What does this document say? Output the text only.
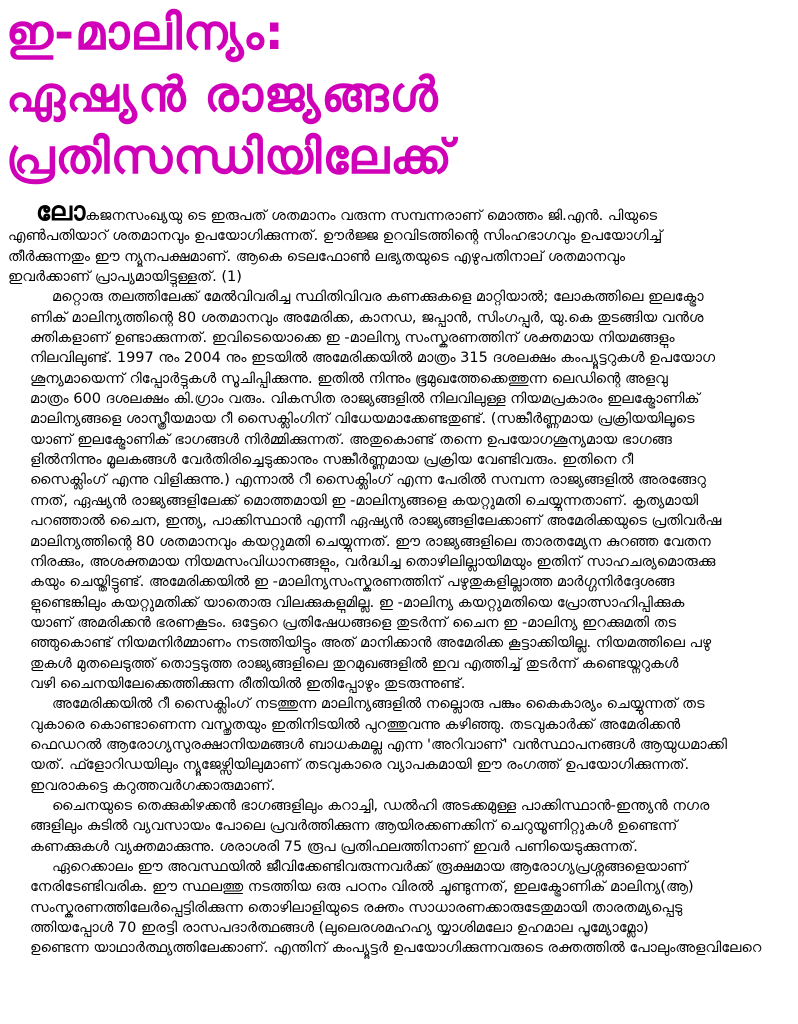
ഇ-മാലിന്യം:
ഏഷ്യൻ രാജ്യങ്ങൾ
പ്രതിസന്ധിയിലേക്ക്
ലോകജനസംഖ്യയു ടെ ഇരുപത് ശതമാനം വരുന്ന സമ്പന്നരാണ് മൊത്തം ജി.എൻ. പിയുടെ
എൺപതിയാറ് ശതമാനവും ഉപയോഗിക്കുന്നത്. ഊർജ്ജ ഉറവിടത്തിന്റെ സിംഹഭാഗവും ഉപയോഗിച്ച്
തീർക്കുന്നതും ഈ ന്യൂനപക്ഷമാണ്. ആകെ ടെലഫോൺ ലഭ്യതയുടെ എഴുപതിനാല് ശതമാനവും
ഇവർക്കാണ് പ്രാപ്യമായിട്ടുള്ളത്. (1)
മറ്റൊരു തലത്തിലേക്ക് മേൽവിവരിച്ച സ്ഥിതിവിവര കണക്കുകളെ മാറ്റിയാൽ; ലോകത്തിലെ ഇലക്ട്രോ
ണിക് മാലിന്യത്തിന്റെ 80 ശതമാനവും അമേരിക്ക, കാനഡ, ജപ്പാൻ, സിംഗപ്പൂർ, യു.കെ തുടങ്ങിയ വൻശ
ക്തികളാണ് ഉണ്ടാക്കുന്നത്. ഇവിടെയൊക്കെ ഇ -മാലിന്യ സംസ്കരണത്തിന് ശക്തമായ നിയമങ്ങളും
നിലവിലുണ്ട്. 1997 നും 2004 നും ഇടയിൽ അമേരിക്കയിൽ മാത്രം 315 ദശലക്ഷം കംപ്യൂട്ടറുകൾ ഉപയോഗ
ശൂന്യമായെന്ന് റിപ്പോർട്ടുകൾ സൂചിപ്പിക്കുന്നു. ഇതിൽ നിന്നും ഭൂമുഖത്തേക്കെത്തുന്ന ലെഡിന്റെ അളവു
മാത്രം 600 ദശലക്ഷം കി.ഗ്രാം വരും. വികസിത രാജ്യങ്ങളിൽ നിലവിലുള്ള നിയമപ്രകാരം ഇലക്ട്രോണിക്
മാലിന്യങ്ങളെ ശാസ്ത്രീയമായ റീ സൈക്ലിംഗിന് വിധേയമാക്കേണ്ടതുണ്ട്. (സങ്കീർണ്ണമായ പ്രക്രിയയിലൂടെ
യാണ് ഇലക്ട്രോണിക് ഭാഗങ്ങൾ നിർമ്മിക്കുന്നത്. അതുകൊണ്ട് തന്നെ ഉപയോഗശൂന്യമായ ഭാഗങ്ങ
ളിൽനിന്നും മൂലകങ്ങൾ വേർതിരിച്ചെടുക്കാനും സങ്കീർണ്ണമായ പ്രക്രിയ വേണ്ടിവരും. ഇതിനെ റീ
സൈക്ലിംഗ് എന്നു വിളിക്കുന്നു.) എന്നാൽ റീ സൈക്ലിംഗ് എന്ന പേരിൽ സമ്പന്ന രാജ്യങ്ങളിൽ അരങ്ങേറു
ന്നത്, ഏഷ്യൻ രാജ്യങ്ങളിലേക്ക് മൊത്തമായി ഇ -മാലിന്യങ്ങളെ കയറ്റുമതി ചെയ്യുന്നതാണ്. കൃത്യമായി
പറഞ്ഞാൽ ചൈന, ഇന്ത്യ, പാക്കിസ്ഥാൻ എന്നീ ഏഷ്യൻ രാജ്യങ്ങളിലേക്കാണ് അമേരിക്കയുടെ പ്രതിവർഷ
മാലിന്യത്തിന്റെ 80 ശതമാനവും കയറ്റുമതി ചെയ്യുന്നത്. ഈ രാജ്യങ്ങളിലെ താരതമ്യേന കുറഞ്ഞ വേതന
നിരക്കും, അശക്തമായ നിയമസംവിധാനങ്ങളും, വർദ്ധിച്ച തൊഴിലില്ലായിമയും ഇതിന് സാഹചര്യമൊരുക്കു
കയും ചെയ്തിട്ടുണ്ട്. അമേരിക്കയിൽ ഇ -മാലിന്യസംസ്കരണത്തിന് പഴുതുകളില്ലാത്ത മാർഗ്ഗനിർദ്ദേശങ്ങ
ളുണ്ടെങ്കിലും കയറ്റുമതിക്ക് യാതൊരു വിലക്കുകളുമില്ല. ഇ -മാലിന്യ കയറ്റുമതിയെ പ്രോത്സാഹിപ്പിക്കുക
യാണ് അമരിക്കൻ ഭരണകൂടം. ഒട്ടേറെ പ്രതിഷേധങ്ങളെ തുടർന്ന് ചൈന ഇ -മാലിന്യ ഇറക്കുമതി തട
ഞ്ഞുകൊണ്ട് നിയമനിർമ്മാണം നടത്തിയിട്ടും അത് മാനിക്കാൻ അമേരിക്ക കൂട്ടാക്കിയില്ല. നിയമത്തിലെ പഴു
തുകൾ മുതലെടുത്ത് തൊട്ടടുത്ത രാജ്യങ്ങളിലെ തുറമുഖങ്ങളിൽ ഇവ എത്തിച്ച് തുടർന്ന് കണ്ടെയ്നറുകൾ
വഴി ചൈനയിലേക്കെത്തിക്കുന്ന രീതിയിൽ ഇതിപ്പോഴും തുടരുന്നുണ്ട്.
അമേരിക്കയിൽ റീ സൈക്ലിംഗ് നടത്തുന്ന മാലിന്യങ്ങളിൽ നല്ലൊരു പങ്കും കൈകാര്യം ചെയ്യുന്നത് തട
വുകാരെ കൊണ്ടാണെന്ന വസ്തുതയും ഇതിനിടയിൽ പുറത്തുവന്നു കഴിഞ്ഞു. തടവുകാർക്ക് അമേരിക്കൻ
ഫെഡറൽ ആരോഗ്യസുരക്ഷാനിയമങ്ങൾ ബാധകമല്ല എന്ന 'അറിവാണ്' വൻസ്ഥാപനങ്ങൾ ആയുധമാക്കി
യത്. ഫ്ളോറിഡയിലും ന്യൂജേഴ്സിയിലുമാണ് തടവുകാരെ വ്യാപകമായി ഈ രംഗത്ത് ഉപയോഗിക്കുന്നത്.
ഇവരാകട്ടെ കറുത്തവർഗക്കാരുമാണ്.
ചൈനയുടെ തെക്കുകിഴക്കൻ ഭാഗങ്ങളിലും കറാച്ചി, ഡൽഹി അടക്കമുള്ള പാക്കിസ്ഥാൻ-ഇന്ത്യൻ നഗര
ങ്ങളിലും കുടിൽ വ്യവസായം പോലെ പ്രവർത്തിക്കുന്ന ആയിരക്കണക്കിന് ചെറുയൂണിറ്റുകൾ ഉണ്ടെന്ന്
കണക്കുകൾ വ്യക്തമാക്കുന്നു. ശരാശരി 75 രൂപ പ്രതിഫലത്തിനാണ് ഇവർ പണിയെടുക്കുന്നത്.
ഏറെക്കാലം ഈ അവസ്ഥയിൽ ജീവിക്കേണ്ടിവരുന്നവർക്ക് രൂക്ഷമായ ആരോഗ്യപ്രശ്നങ്ങളെയാണ്
നേരിടേണ്ടിവരിക. ഈ സ്ഥലത്തു നടത്തിയ ഒരു പഠനം വിരൽ ചൂണ്ടുന്നത്, ഇലക്ട്രോണിക് മാലിന്യ(ആ)
സംസ്കരണത്തിലേർപ്പെട്ടിരിക്കുന്ന തൊഴിലാളിയുടെ രക്തം സാധാരണക്കാരുടേതുമായി താരതമ്യപ്പെടു
ത്തിയപ്പോൾ 70 ഇരട്ടി രാസപദാർത്ഥങ്ങൾ (ലുലെരശമഹഹ്യ യ്യാശിമലോ ഉഹമാല പൂമ്യോമ്ലോ)
ഉണ്ടെന്ന യാഥാർത്ഥ്യത്തിലേക്കാണ്. എന്തിന് കംപ്യൂട്ടർ ഉപയോഗിക്കുന്നവരുടെ രക്തത്തിൽ പോലുംഅളവിലേറെ
